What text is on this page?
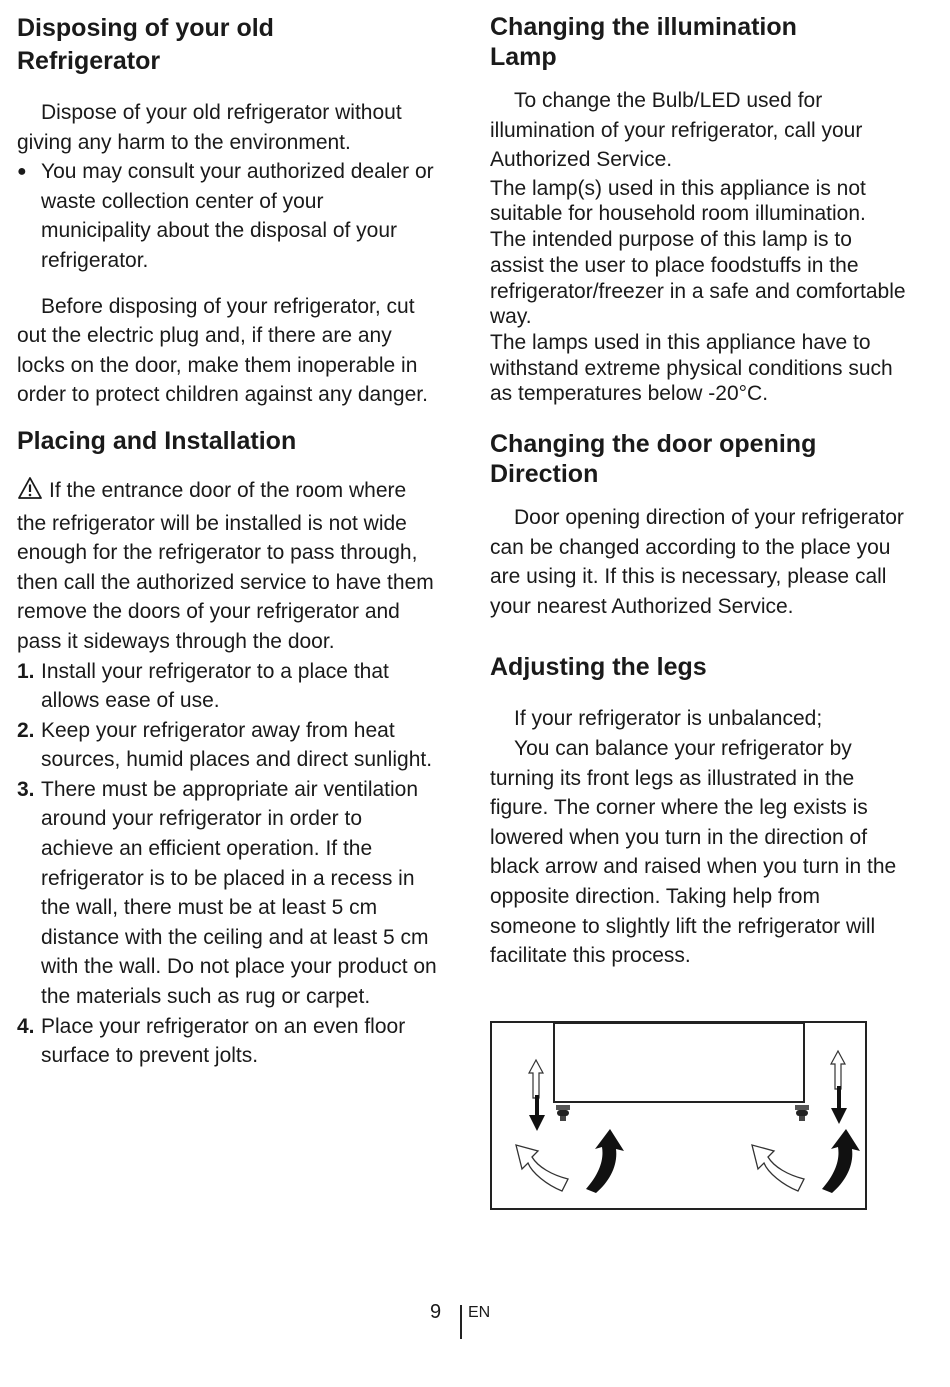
Disposing of your old
Refrigerator

Dispose of your old refrigerator without giving any harm to the environment.

● You may consult your authorized dealer or waste collection center of your municipality about the disposal of your refrigerator.

Before disposing of your refrigerator, cut out the electric plug and, if there are any locks on the door, make them inoperable in order to protect children against any danger.

Placing and Installation

If the entrance door of the room where the refrigerator will be installed is not wide enough for the refrigerator to pass through, then call the authorized service to have them remove the doors of your refrigerator and pass it sideways through the door.

1. Install your refrigerator to a place that allows ease of use.
2. Keep your refrigerator away from heat sources, humid places and direct sunlight.
3. There must be appropriate air ventilation around your refrigerator in order to achieve an efficient operation. If the refrigerator is to be placed in a recess in the wall, there must be at least 5 cm distance with the ceiling and at least 5 cm with the wall. Do not place your product on the materials such as rug or carpet.
4. Place your refrigerator on an even floor surface to prevent jolts.
Changing the illumination
Lamp

To change the Bulb/LED used for illumination of your refrigerator, call your Authorized Service.

The lamp(s) used in this appliance is not suitable for household room illumination.

The intended purpose of this lamp is to assist the user to place foodstuffs in the refrigerator/freezer in a safe and comfortable way.

The lamps used in this appliance have to withstand extreme physical conditions such as temperatures below -20°C.

Changing the door opening
Direction

Door opening direction of your refrigerator can be changed according to the place you are using it. If this is necessary, please call your nearest Authorized Service.

Adjusting the legs

If your refrigerator is unbalanced;

You can balance your refrigerator by turning its front legs as illustrated in the figure. The corner where the leg exists is lowered when you turn in the direction of black arrow and raised when you turn in the opposite direction. Taking help from someone to slightly lift the refrigerator will facilitate this process.

9 EN
